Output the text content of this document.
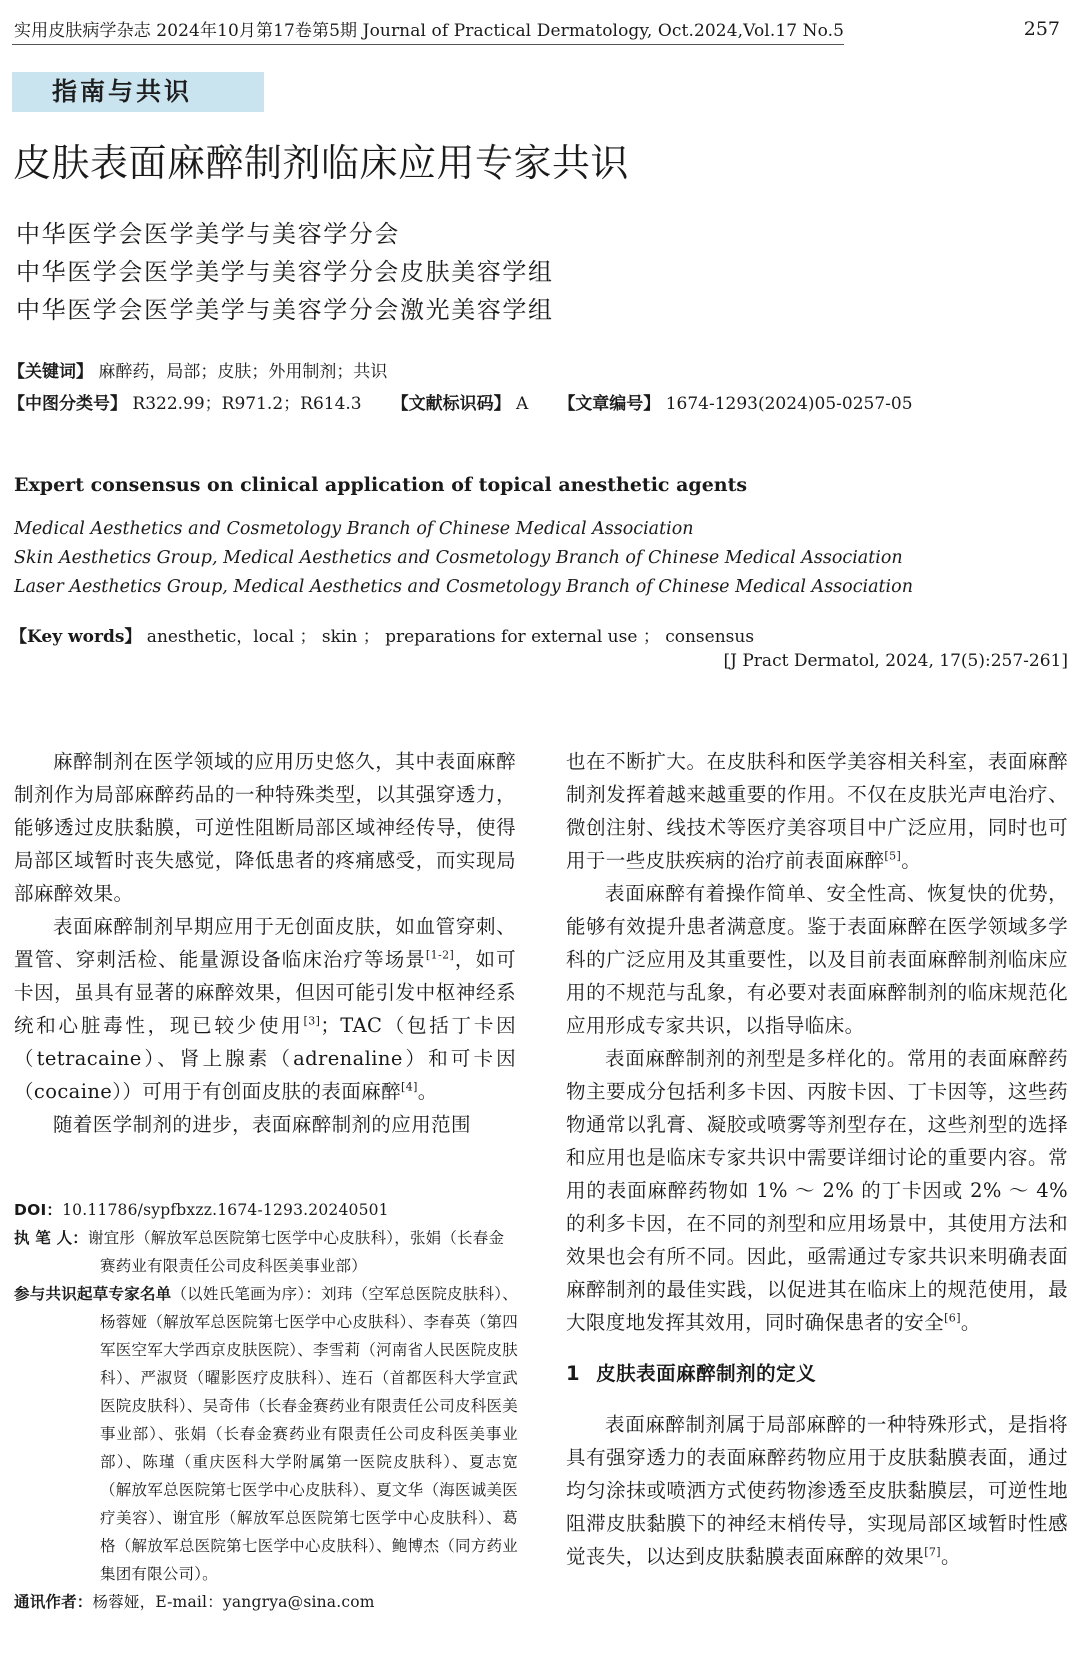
实用皮肤病学杂志 2024年10月第17卷第5期 Journal of Practical Dermatology, Oct.2024,Vol.17 No.5	257
指南与共识
皮肤表面麻醉制剂临床应用专家共识
中华医学会医学美学与美容学分会
中华医学会医学美学与美容学分会皮肤美容学组
中华医学会医学美学与美容学分会激光美容学组
【关键词】 麻醉药，局部；皮肤；外用制剂；共识
【中图分类号】 R322.99；R971.2；R614.3 【文献标识码】 A 【文章编号】 1674-1293(2024)05-0257-05
Expert consensus on clinical application of topical anesthetic agents
Medical Aesthetics and Cosmetology Branch of Chinese Medical Association
Skin Aesthetics Group, Medical Aesthetics and Cosmetology Branch of Chinese Medical Association
Laser Aesthetics Group, Medical Aesthetics and Cosmetology Branch of Chinese Medical Association
【Key words】 anesthetic，local ； skin ； preparations for external use ； consensus
[J Pract Dermatol, 2024, 17(5):257-261]

麻醉制剂在医学领域的应用历史悠久，其中表面麻醉制剂作为局部麻醉药品的一种特殊类型，以其强穿透力，能够透过皮肤黏膜，可逆性阻断局部区域神经传导，使得局部区域暂时丧失感觉，降低患者的疼痛感受，而实现局部麻醉效果。

表面麻醉制剂早期应用于无创面皮肤，如血管穿刺、置管、穿刺活检、能量源设备临床治疗等场景[1-2]，如可卡因，虽具有显著的麻醉效果，但因可能引发中枢神经系统和心脏毒性，现已较少使用[3]；TAC（包括丁卡因（tetracaine）、肾上腺素（adrenaline）和可卡因（cocaine））可用于有创面皮肤的表面麻醉[4]。

随着医学制剂的进步，表面麻醉制剂的应用范围

DOI：10.11786/sypfbxzz.1674-1293.20240501
执 笔 人：谢宜彤（解放军总医院第七医学中心皮肤科），张娟（长春金赛药业有限责任公司皮科医美事业部）
参与共识起草专家名单（以姓氏笔画为序）：刘玮（空军总医院皮肤科）、杨蓉娅（解放军总医院第七医学中心皮肤科）、李春英（第四军医空军大学西京皮肤医院）、李雪莉（河南省人民医院皮肤科）、严淑贤（曜影医疗皮肤科）、连石（首都医科大学宣武医院皮肤科）、吴奇伟（长春金赛药业有限责任公司皮科医美事业部）、张娟（长春金赛药业有限责任公司皮科医美事业部）、陈瑾（重庆医科大学附属第一医院皮肤科）、夏志宽（解放军总医院第七医学中心皮肤科）、夏文华（海医诚美医疗美容）、谢宜彤（解放军总医院第七医学中心皮肤科）、葛格（解放军总医院第七医学中心皮肤科）、鲍博杰（同方药业集团有限公司）。
通讯作者：杨蓉娅，E-mail：yangrya@sina.com

也在不断扩大。在皮肤科和医学美容相关科室，表面麻醉制剂发挥着越来越重要的作用。不仅在皮肤光声电治疗、微创注射、线技术等医疗美容项目中广泛应用，同时也可用于一些皮肤疾病的治疗前表面麻醉[5]。

表面麻醉有着操作简单、安全性高、恢复快的优势，能够有效提升患者满意度。鉴于表面麻醉在医学领域多学科的广泛应用及其重要性，以及目前表面麻醉制剂临床应用的不规范与乱象，有必要对表面麻醉制剂的临床规范化应用形成专家共识，以指导临床。

表面麻醉制剂的剂型是多样化的。常用的表面麻醉药物主要成分包括利多卡因、丙胺卡因、丁卡因等，这些药物通常以乳膏、凝胶或喷雾等剂型存在，这些剂型的选择和应用也是临床专家共识中需要详细讨论的重要内容。常用的表面麻醉药物如 1% ～ 2% 的丁卡因或 2% ～ 4% 的利多卡因，在不同的剂型和应用场景中，其使用方法和效果也会有所不同。因此，亟需通过专家共识来明确表面麻醉制剂的最佳实践，以促进其在临床上的规范使用，最大限度地发挥其效用，同时确保患者的安全[6]。

1 皮肤表面麻醉制剂的定义

表面麻醉制剂属于局部麻醉的一种特殊形式，是指将具有强穿透力的表面麻醉药物应用于皮肤黏膜表面，通过均匀涂抹或喷洒方式使药物渗透至皮肤黏膜层，可逆性地阻滞皮肤黏膜下的神经末梢传导，实现局部区域暂时性感觉丧失，以达到皮肤黏膜表面麻醉的效果[7]。
